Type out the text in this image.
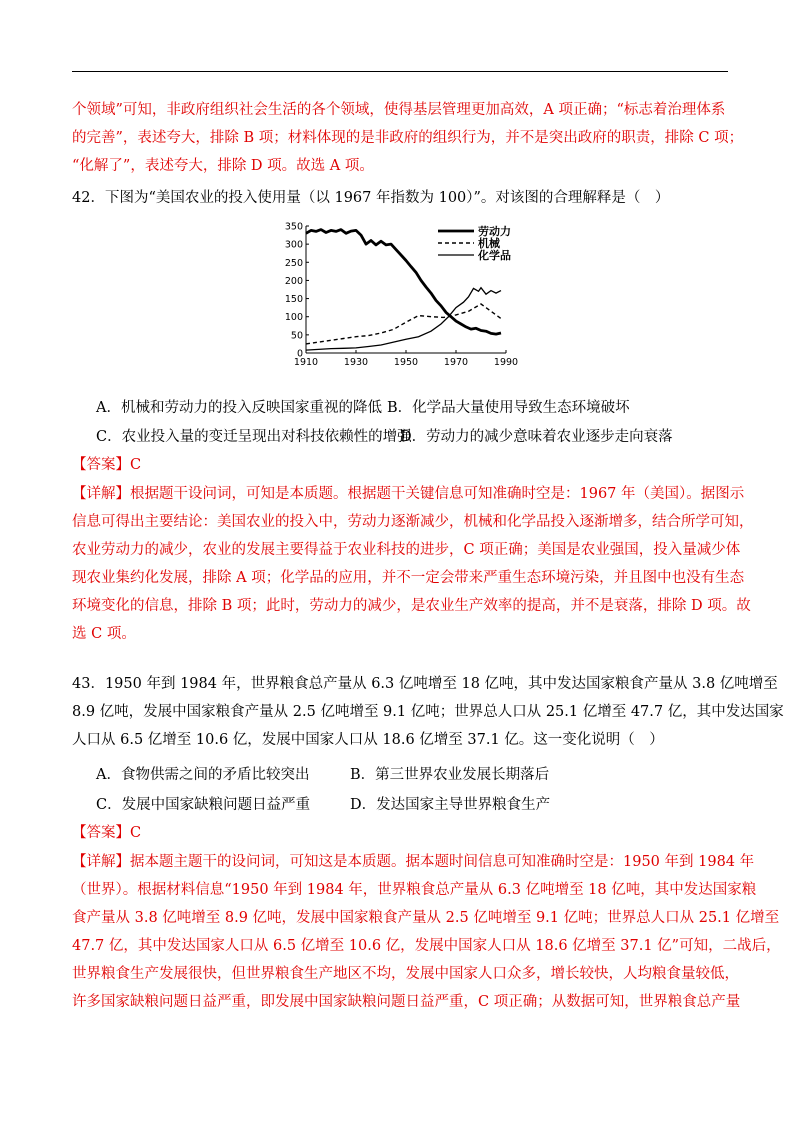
个领域”可知，非政府组织社会生活的各个领域，使得基层管理更加高效，A 项正确；“标志着治理体系
的完善”，表述夸大，排除 B 项；材料体现的是非政府的组织行为，并不是突出政府的职责，排除 C 项；
“化解了”，表述夸大，排除 D 项。故选 A 项。
42．下图为“美国农业的投入使用量（以 1967 年指数为 100）”。对该图的合理解释是（　）
0
50
100
150
200
250
300
350
1910	1930	1950	1970	1990
劳动力
机械
化学品
A．机械和劳动力的投入反映国家重视的降低 B．化学品大量使用导致生态环境破坏
C．农业投入量的变迁呈现出对科技依赖性的增强
D．劳动力的减少意味着农业逐步走向衰落
【答案】C
【详解】根据题干设问词，可知是本质题。根据题干关键信息可知准确时空是：1967 年（美国）。据图示
信息可得出主要结论：美国农业的投入中，劳动力逐渐减少，机械和化学品投入逐渐增多，结合所学可知，
农业劳动力的减少，农业的发展主要得益于农业科技的进步，C 项正确；美国是农业强国，投入量减少体
现农业集约化发展，排除 A 项；化学品的应用，并不一定会带来严重生态环境污染，并且图中也没有生态
环境变化的信息，排除 B 项；此时，劳动力的减少，是农业生产效率的提高，并不是衰落，排除 D 项。故
选 C 项。
43．1950 年到 1984 年，世界粮食总产量从 6.3 亿吨增至 18 亿吨，其中发达国家粮食产量从 3.8 亿吨增至
8.9 亿吨，发展中国家粮食产量从 2.5 亿吨增至 9.1 亿吨；世界总人口从 25.1 亿增至 47.7 亿，其中发达国家
人口从 6.5 亿增至 10.6 亿，发展中国家人口从 18.6 亿增至 37.1 亿。这一变化说明（　）
A．食物供需之间的矛盾比较突出	B．第三世界农业发展长期落后
C．发展中国家缺粮问题日益严重	D．发达国家主导世界粮食生产
【答案】C
【详解】据本题主题干的设问词，可知这是本质题。据本题时间信息可知准确时空是：1950 年到 1984 年
（世界）。根据材料信息“1950 年到 1984 年，世界粮食总产量从 6.3 亿吨增至 18 亿吨，其中发达国家粮
食产量从 3.8 亿吨增至 8.9 亿吨，发展中国家粮食产量从 2.5 亿吨增至 9.1 亿吨；世界总人口从 25.1 亿增至
47.7 亿，其中发达国家人口从 6.5 亿增至 10.6 亿，发展中国家人口从 18.6 亿增至 37.1 亿”可知，二战后，
世界粮食生产发展很快，但世界粮食生产地区不均，发展中国家人口众多，增长较快，人均粮食量较低，
许多国家缺粮问题日益严重，即发展中国家缺粮问题日益严重，C 项正确；从数据可知，世界粮食总产量
